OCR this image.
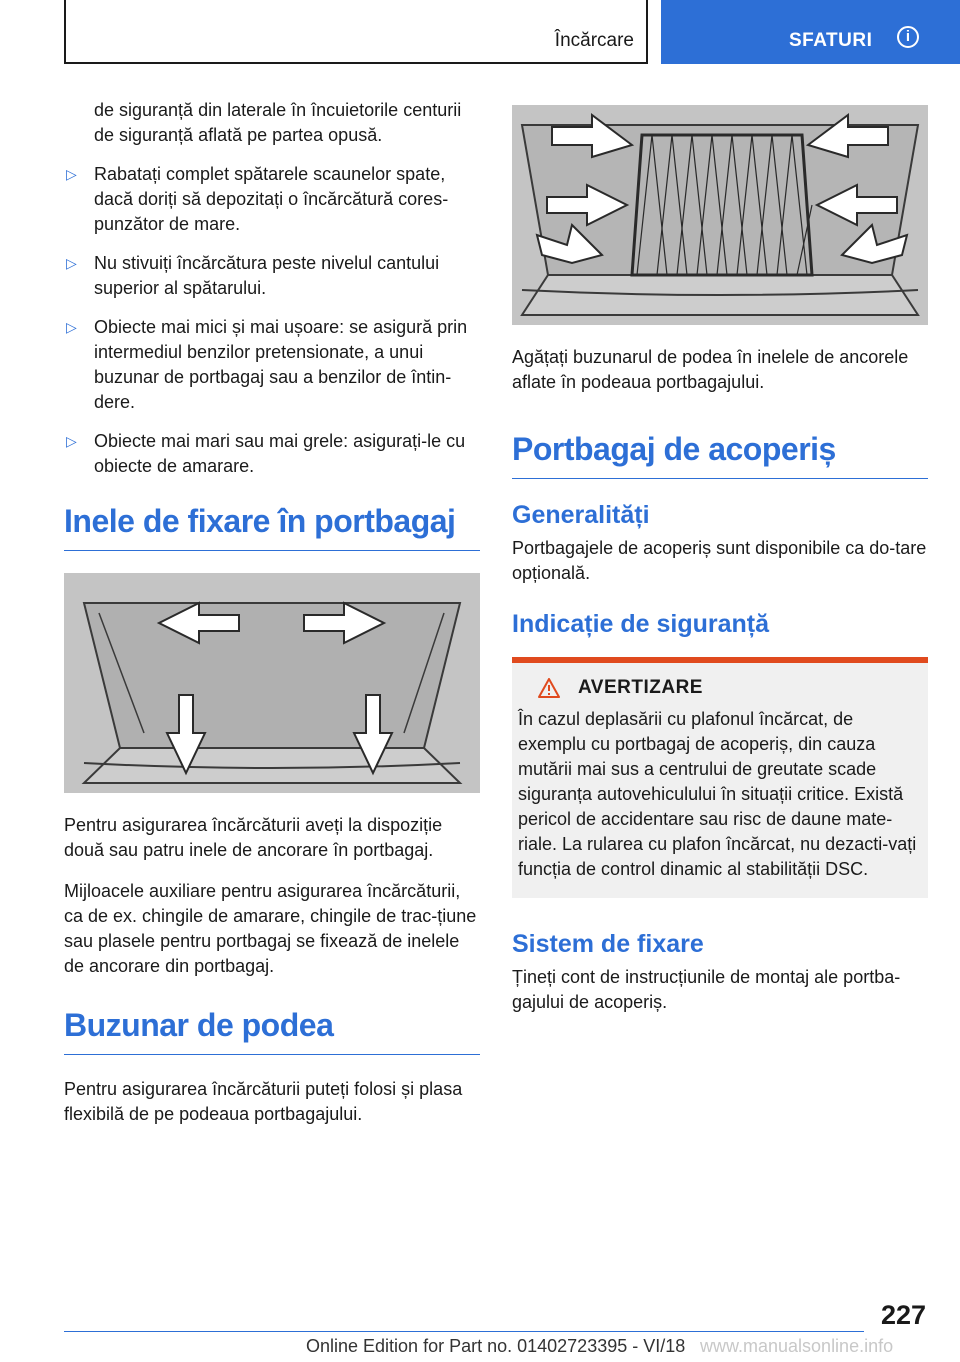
Încărcare	SFATURI	i

de siguranță din laterale în încuietorile centurii de siguranță aflată pe partea opusă.

▷ Rabatați complet spătarele scaunelor spate, dacă doriți să depozitați o încărcătură cores-punzător de mare.
▷ Nu stivuiți încărcătura peste nivelul cantului superior al spătarului.
▷ Obiecte mai mici și mai ușoare: se asigură prin intermediul benzilor pretensionate, a unui buzunar de portbagaj sau a benzilor de întin-dere.
▷ Obiecte mai mari sau mai grele: asigurați-le cu obiecte de amarare.
Inele de fixare în portbagaj

Pentru asigurarea încărcăturii aveți la dispoziție două sau patru inele de ancorare în portbagaj.

Mijloacele auxiliare pentru asigurarea încărcăturii, ca de ex. chingile de amarare, chingile de trac-țiune sau plasele pentru portbagaj se fixează de inelele de ancorare din portbagaj.

Buzunar de podea

Pentru asigurarea încărcăturii puteți folosi și plasa flexibilă de pe podeaua portbagajului.

Agățați buzunarul de podea în inelele de ancorele aflate în podeaua portbagajului.

Portbagaj de acoperiș
Generalități

Portbagajele de acoperiș sunt disponibile ca do-tare opțională.

Indicație de siguranță
AVERTIZARE

În cazul deplasării cu plafonul încărcat, de exemplu cu portbagaj de acoperiș, din cauza mutării mai sus a centrului de greutate scade siguranța autovehiculului în situații critice. Există pericol de accidentare sau risc de daune mate-riale. La rularea cu plafon încărcat, nu dezacti-vați funcția de control dinamic al stabilității DSC.

Sistem de fixare

Țineți cont de instrucțiunile de montaj ale portba-gajului de acoperiș.

227
Online Edition for Part no. 01402723395 - VI/18 www.manualsonline.info
